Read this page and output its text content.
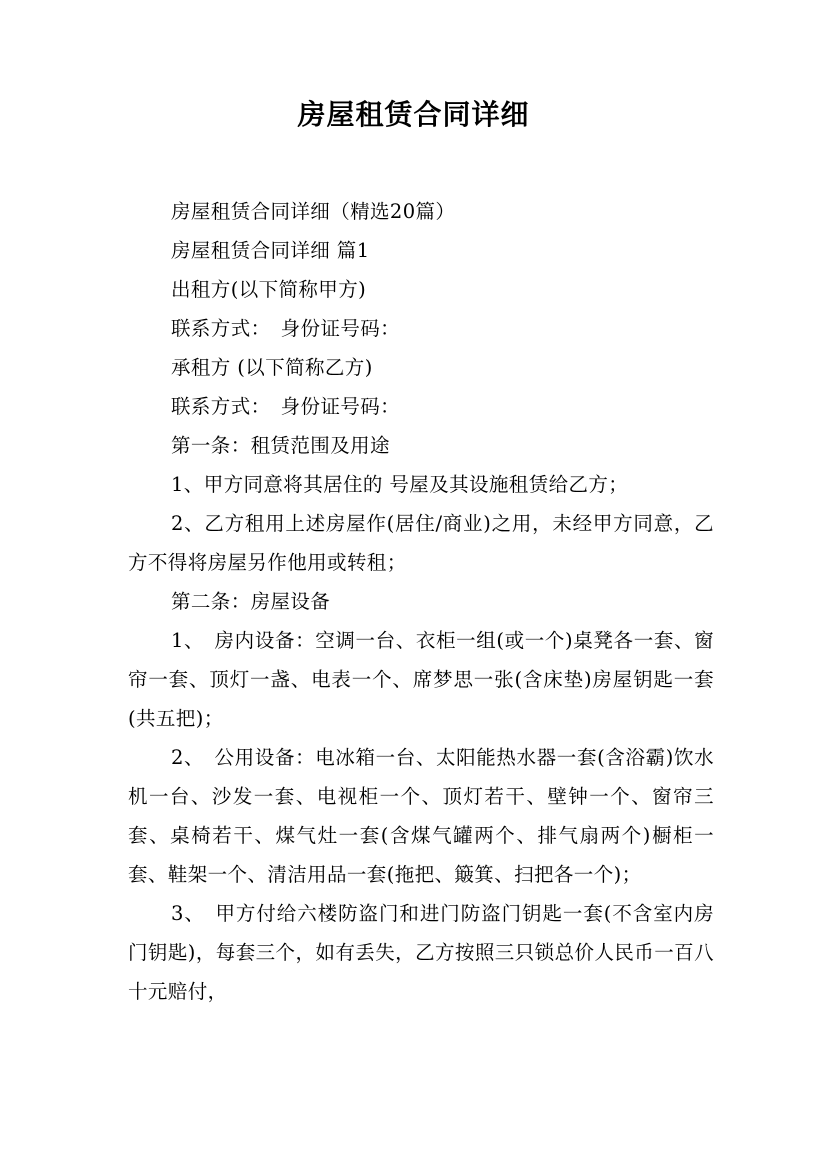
房屋租赁合同详细

房屋租赁合同详细（精选20篇）

房屋租赁合同详细 篇1

出租方(以下简称甲方)

联系方式：　身份证号码：

承租方 (以下简称乙方)

联系方式：　身份证号码：

第一条：租赁范围及用途

1、甲方同意将其居住的 号屋及其设施租赁给乙方；

2、乙方租用上述房屋作(居住/商业)之用，未经甲方同意，乙方不得将房屋另作他用或转租；

第二条：房屋设备

1、　房内设备：空调一台、衣柜一组(或一个)桌凳各一套、窗帘一套、顶灯一盏、电表一个、席梦思一张(含床垫)房屋钥匙一套(共五把)；

2、　公用设备：电冰箱一台、太阳能热水器一套(含浴霸)饮水机一台、沙发一套、电视柜一个、顶灯若干、壁钟一个、窗帘三套、桌椅若干、煤气灶一套(含煤气罐两个、排气扇两个)橱柜一套、鞋架一个、清洁用品一套(拖把、簸箕、扫把各一个)；

3、　甲方付给六楼防盗门和进门防盗门钥匙一套(不含室内房门钥匙)，每套三个，如有丢失，乙方按照三只锁总价人民币一百八十元赔付，
